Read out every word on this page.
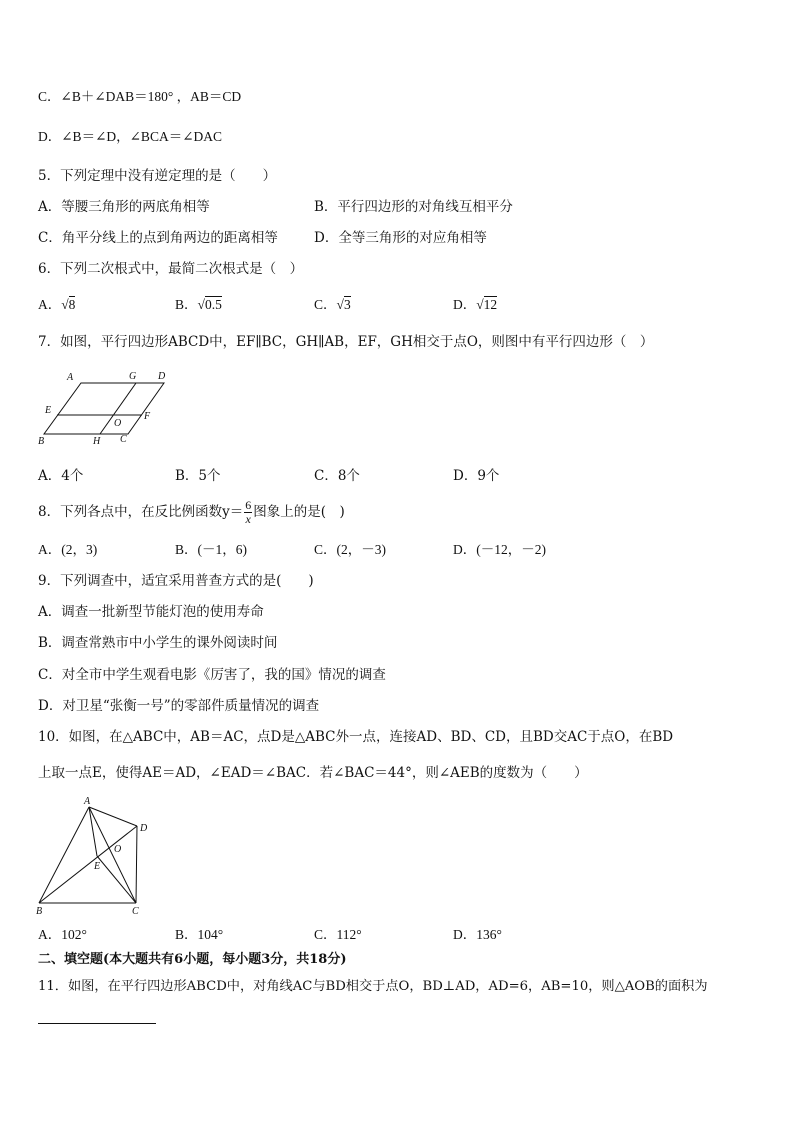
C．∠B＋∠DAB＝180° ，AB＝CD
D．∠B＝∠D，∠BCA＝∠DAC
5．下列定理中没有逆定理的是（　　）
A．等腰三角形的两底角相等	B．平行四边形的对角线互相平分
C．角平分线上的点到角两边的距离相等	D．全等三角形的对应角相等
6．下列二次根式中，最简二次根式是（　）
A．√8	B．√0.5	C．√3	D．√12
7．如图，平行四边形ABCD中，EF∥BC，GH∥AB，EF，GH相交于点O，则图中有平行四边形（　）
A	G D
E
O
F
B	H C
A．4个	B．5个	C．8个	D．9个
8．下列各点中，在反比例函数$y= \frac{6}{x}$ 图象上的是(　)
A．(2，3)	B．(－1，6)	C．(2，－3)	D．(－12，－2)
9．下列调查中，适宜采用普查方式的是(　　)
A．调查一批新型节能灯泡的使用寿命
B．调查常熟市中小学生的课外阅读时间
C．对全市中学生观看电影《厉害了，我的国》情况的调查
D．对卫星“张衡一号”的零部件质量情况的调查
10．如图，在△ABC中，AB＝AC，点D是△ABC外一点，连接AD、BD、CD，且BD交AC于点O，在BD
上取一点E，使得AE＝AD，∠EAD＝∠BAC．若∠BAC＝44°，则∠AEB的度数为（　　）
A
D
O
E
B	C
A．102°	B．104°	C．112°	D．136°
二、填空题(本大题共有6小题，每小题3分，共18分)
11．如图，在平行四边形ABCD中，对角线AC与BD相交于点O，BD⊥AD，AD=6，AB=10，则△AOB的面积为
